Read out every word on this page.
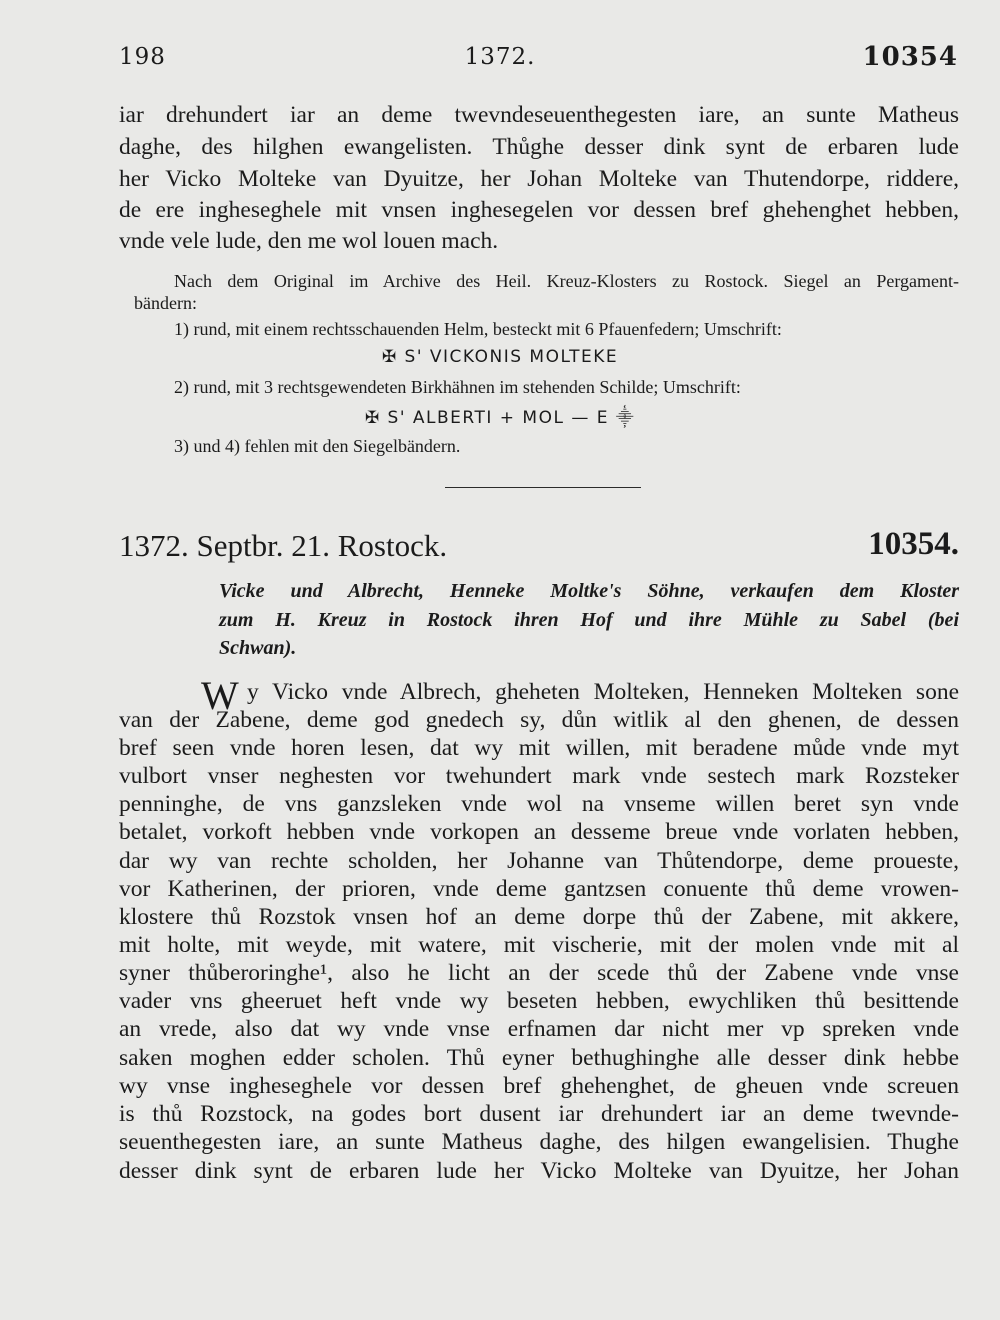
198	1372.	10354
iar drehundert iar an deme twevndeseuenthegesten iare, an sunte Matheus
daghe, des hilghen ewangelisten. Thůghe desser dink synt de erbaren lude
her Vicko Molteke van Dyuitze, her Johan Molteke van Thutendorpe, riddere,
de ere ingheseghele mit vnsen inghesegelen vor dessen bref ghehenghet hebben,
vnde vele lude, den me wol louen mach.
Nach dem Original im Archive des Heil. Kreuz-Klosters zu Rostock. Siegel an Pergament-
bändern:
1) rund, mit einem rechtsschauenden Helm, besteckt mit 6 Pfauenfedern; Umschrift:
✠ S' VICKONIS MOLTEKE
2) rund, mit 3 rechtsgewendeten Birkhähnen im stehenden Schilde; Umschrift:
✠ S' ALBERTI + MOL — E ⸎
3) und 4) fehlen mit den Siegelbändern.
1372. Septbr. 21. Rostock.	10354.
Vicke und Albrecht, Henneke Moltke's Söhne, verkaufen dem Kloster
zum H. Kreuz in Rostock ihren Hof und ihre Mühle zu Sabel (bei
Schwan).
W y Vicko vnde Albrech, gheheten Molteken, Henneken Molteken sone
van der Zabene, deme god gnedech sy, důn witlik al den ghenen, de dessen
bref seen vnde horen lesen, dat wy mit willen, mit beradene můde vnde myt
vulbort vnser neghesten vor twehundert mark vnde sestech mark Rozsteker
penninghe, de vns ganzsleken vnde wol na vnseme willen beret syn vnde
betalet, vorkoft hebben vnde vorkopen an desseme breue vnde vorlaten hebben,
dar wy van rechte scholden, her Johanne van Thůtendorpe, deme proueste,
vor Katherinen, der prioren, vnde deme gantzsen conuente thů deme vrowen-
klostere thů Rozstok vnsen hof an deme dorpe thů der Zabene, mit akkere,
mit holte, mit weyde, mit watere, mit vischerie, mit der molen vnde mit al
syner thůberoringhe¹, also he licht an der scede thů der Zabene vnde vnse
vader vns gheeruet heft vnde wy beseten hebben, ewychliken thů besittende
an vrede, also dat wy vnde vnse erfnamen dar nicht mer vp spreken vnde
saken moghen edder scholen. Thů eyner bethughinghe alle desser dink hebbe
wy vnse ingheseghele vor dessen bref ghehenghet, de gheuen vnde screuen
is thů Rozstock, na godes bort dusent iar drehundert iar an deme twevnde-
seuenthegesten iare, an sunte Matheus daghe, des hilgen ewangelisien. Thughe
desser dink synt de erbaren lude her Vicko Molteke van Dyuitze, her Johan
